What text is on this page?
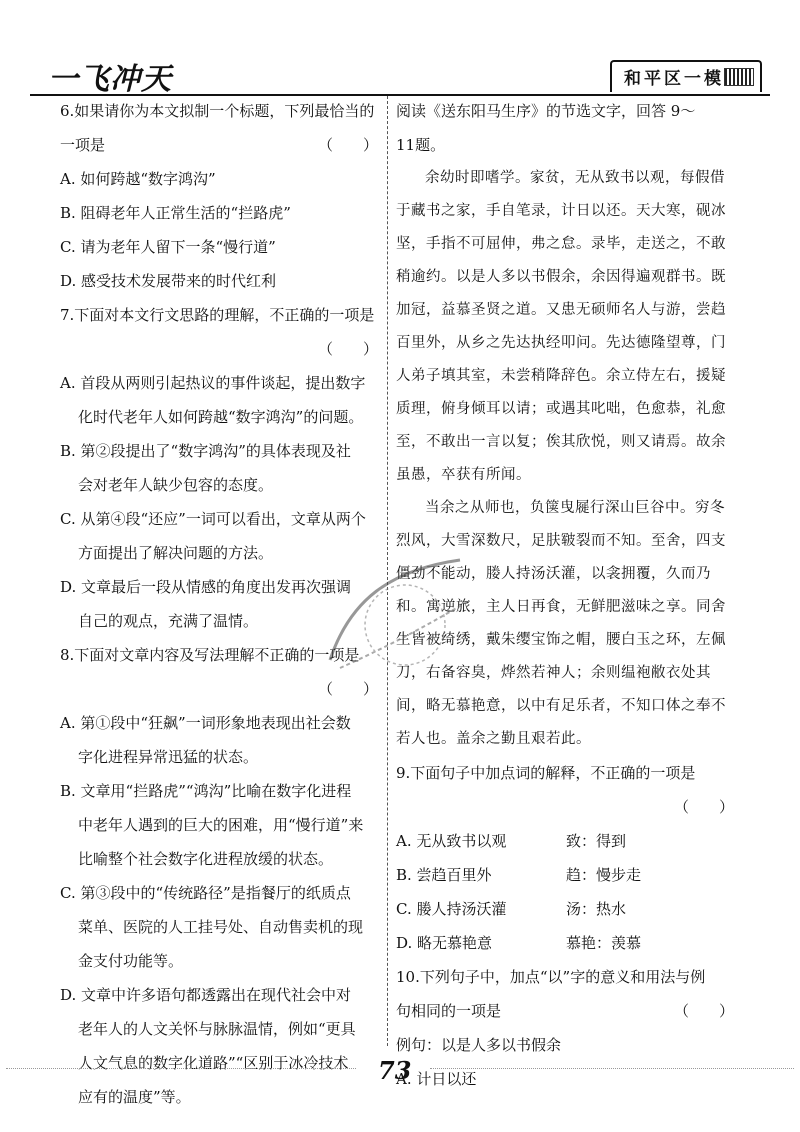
一飞冲天	和平区一模
6.如果请你为本文拟制一个标题，下列最恰当的
一项是	（　　）
A. 如何跨越“数字鸿沟”
B. 阻碍老年人正常生活的“拦路虎”
C. 请为老年人留下一条“慢行道”
D. 感受技术发展带来的时代红利
7.下面对本文行文思路的理解，不正确的一项是
（　　）
A. 首段从两则引起热议的事件谈起，提出数字
化时代老年人如何跨越“数字鸿沟”的问题。
B. 第②段提出了“数字鸿沟”的具体表现及社
会对老年人缺少包容的态度。
C. 从第④段“还应”一词可以看出，文章从两个
方面提出了解决问题的方法。
D. 文章最后一段从情感的角度出发再次强调
自己的观点，充满了温情。
8.下面对文章内容及写法理解不正确的一项是
（　　）
A. 第①段中“狂飙”一词形象地表现出社会数
字化进程异常迅猛的状态。
B. 文章用“拦路虎”“鸿沟”比喻在数字化进程
中老年人遇到的巨大的困难，用“慢行道”来
比喻整个社会数字化进程放缓的状态。
C. 第③段中的“传统路径”是指餐厅的纸质点
菜单、医院的人工挂号处、自动售卖机的现
金支付功能等。
D. 文章中许多语句都透露出在现代社会中对
老年人的人文关怀与脉脉温情，例如“更具
人文气息的数字化道路”“区别于冰冷技术
应有的温度”等。
阅读《送东阳马生序》的节选文字，回答 9～
11题。

余幼时即嗜学。家贫，无从致书以观，每假借于藏书之家，手自笔录，计日以还。天大寒，砚冰坚，手指不可屈伸，弗之怠。录毕，走送之，不敢稍逾约。以是人多以书假余，余因得遍观群书。既加冠，益慕圣贤之道。又患无硕师名人与游，尝趋百里外，从乡之先达执经叩问。先达德隆望尊，门人弟子填其室，未尝稍降辞色。余立侍左右，援疑质理，俯身倾耳以请；或遇其叱咄，色愈恭，礼愈至，不敢出一言以复；俟其欣悦，则又请焉。故余虽愚，卒获有所闻。

当余之从师也，负箧曳屣行深山巨谷中。穷冬烈风，大雪深数尺，足肤皲裂而不知。至舍，四支僵劲不能动，媵人持汤沃灌，以衾拥覆，久而乃和。寓逆旅，主人日再食，无鲜肥滋味之享。同舍生皆被绮绣，戴朱缨宝饰之帽，腰白玉之环，左佩刀，右备容臭，烨然若神人；余则缊袍敝衣处其间，略无慕艳意，以中有足乐者，不知口体之奉不若人也。盖余之勤且艰若此。

9.下面句子中加点词的解释，不正确的一项是
（　　）
A. 无从致书以观	致：得到
B. 尝趋百里外	趋：慢步走
C. 媵人持汤沃灌	汤：热水
D. 略无慕艳意	慕艳：羡慕
10.下列句子中，加点“以”字的意义和用法与例
句相同的一项是	（　　）
例句：以是人多以书假余
A. 计日以还
73
